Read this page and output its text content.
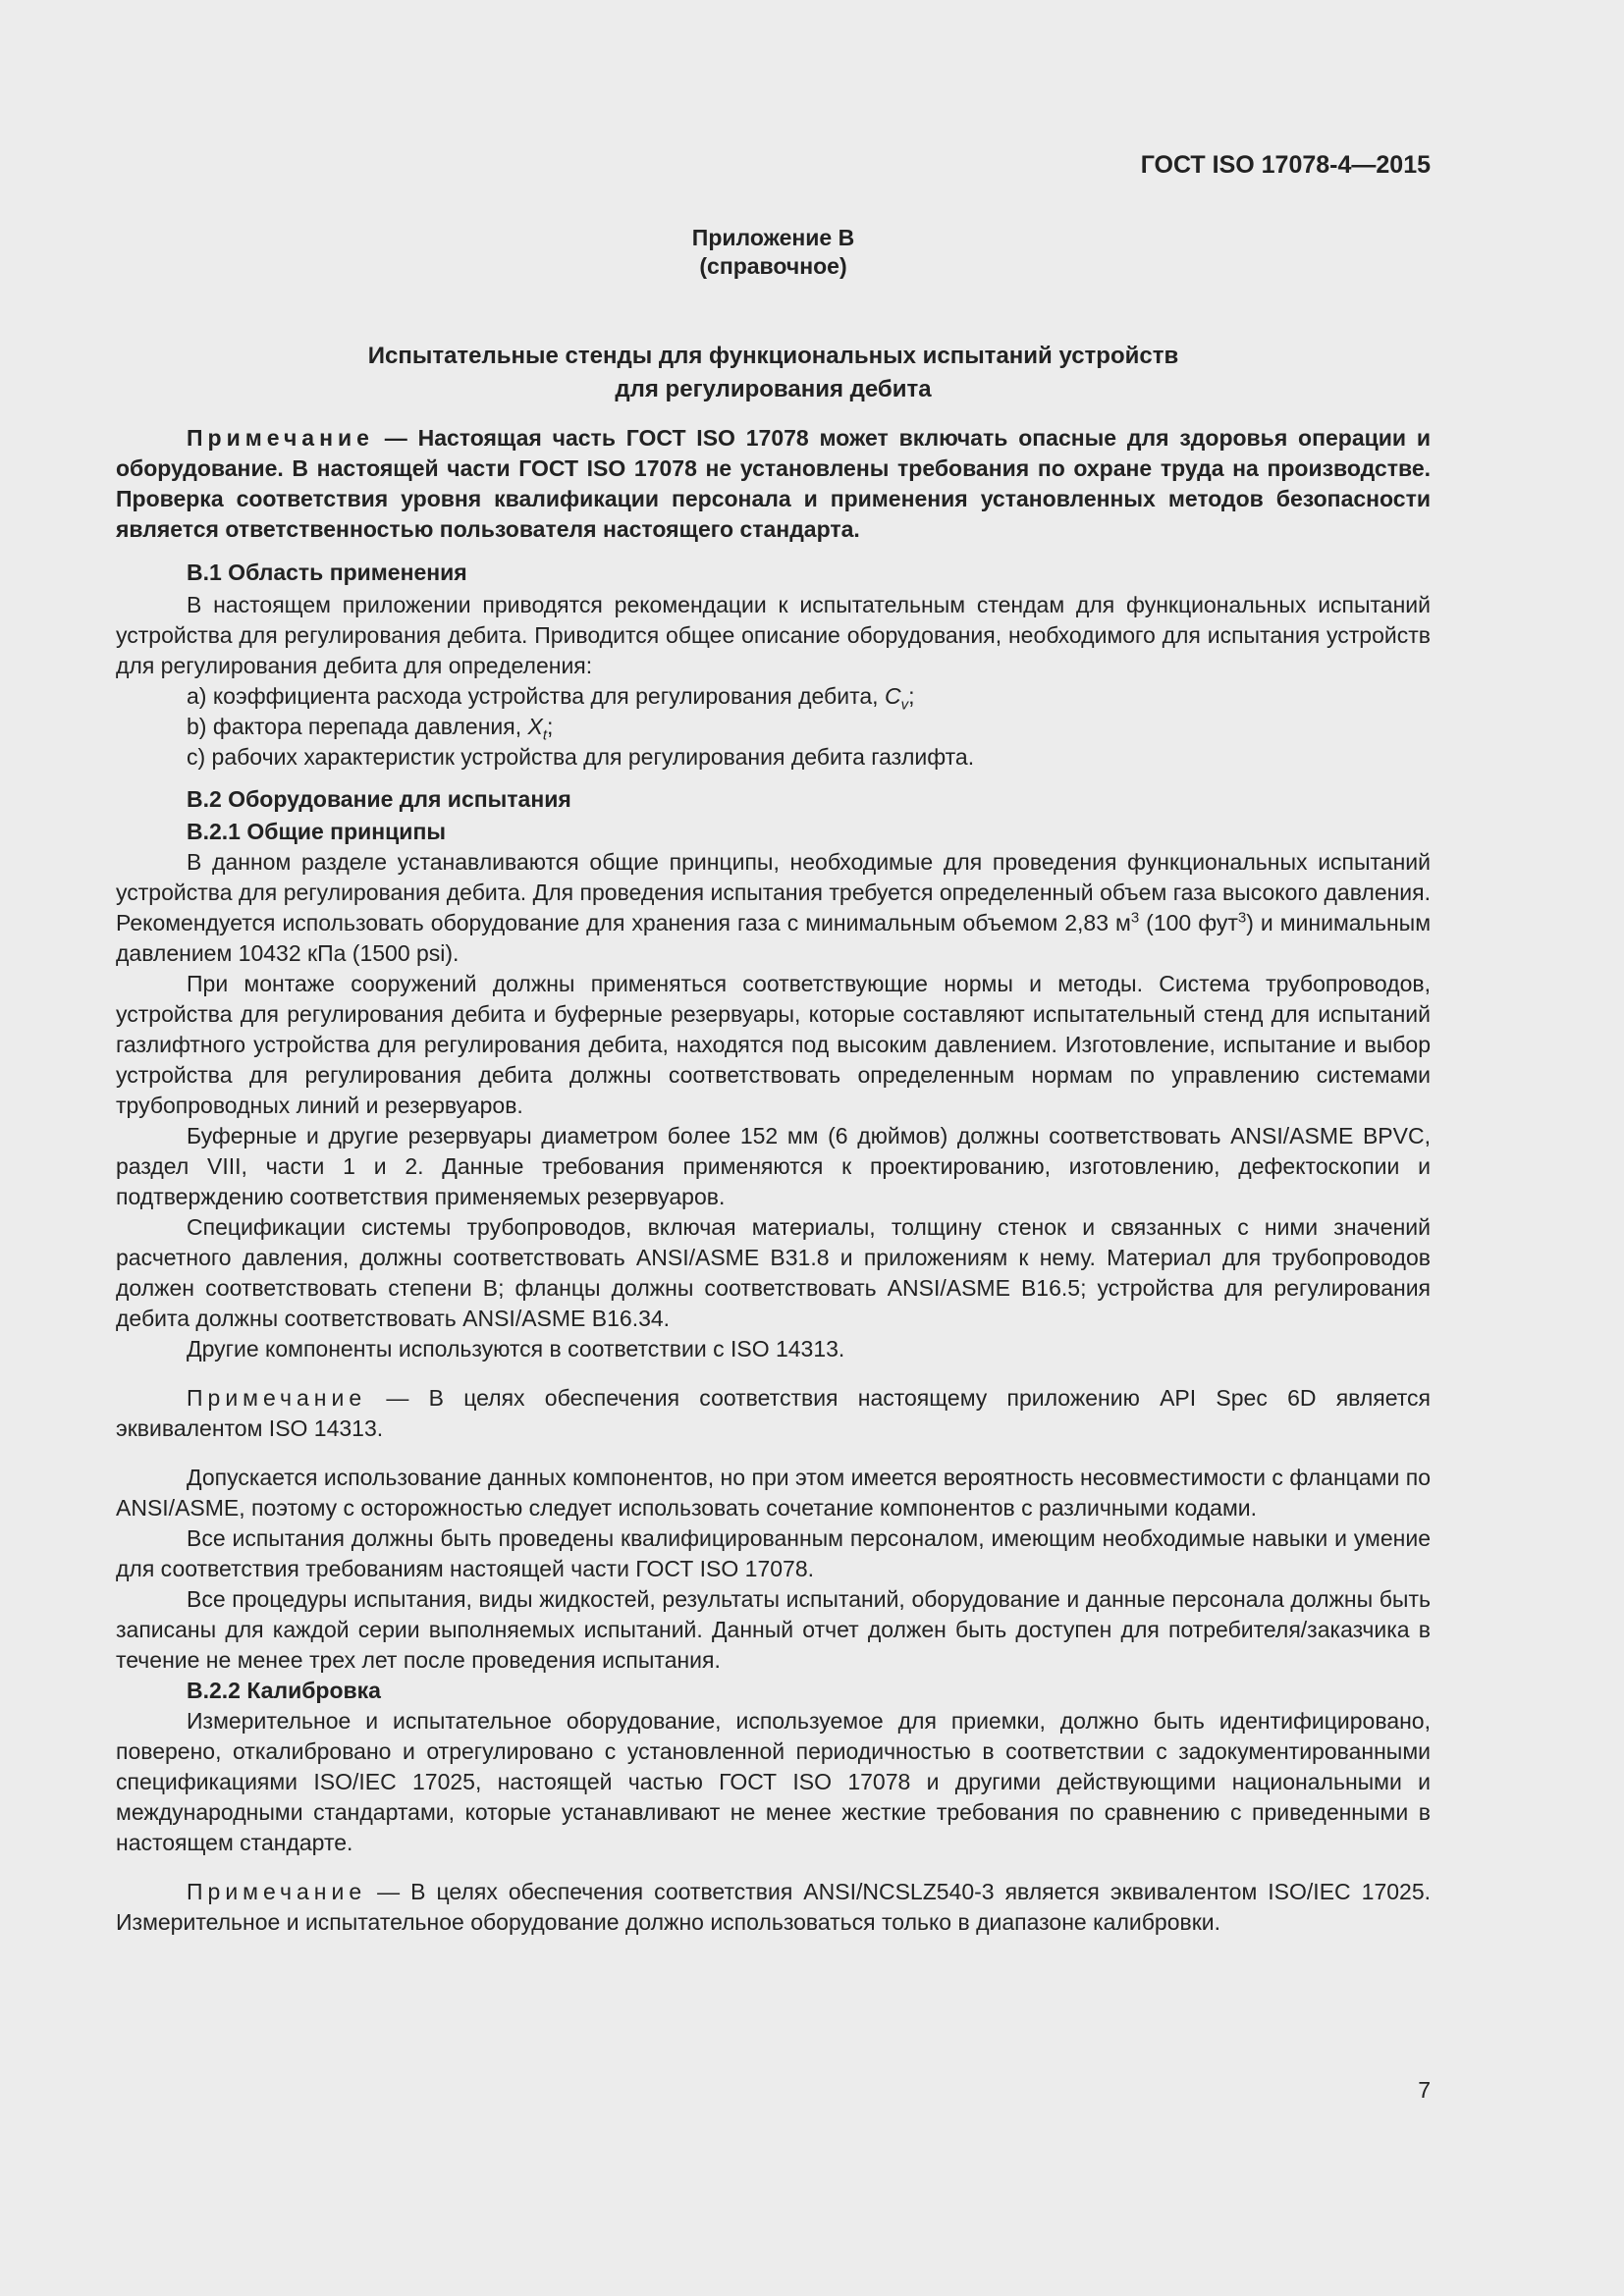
ГОСТ ISO 17078-4—2015
Приложение В
(справочное)
Испытательные стенды для функциональных испытаний устройств
для регулирования дебита

Примечание — Настоящая часть ГОСТ ISO 17078 может включать опасные для здоровья операции и оборудование. В настоящей части ГОСТ ISO 17078 не установлены требования по охране труда на производстве. Проверка соответствия уровня квалификации персонала и применения установленных методов безопасности является ответственностью пользователя настоящего стандарта.

В.1 Область применения

В настоящем приложении приводятся рекомендации к испытательным стендам для функциональных испытаний устройства для регулирования дебита. Приводится общее описание оборудования, необходимого для испытания устройств для регулирования дебита для определения:

а) коэффициента расхода устройства для регулирования дебита, $C_v$;
b) фактора перепада давления, $X_t$;
с) рабочих характеристик устройства для регулирования дебита газлифта.
В.2 Оборудование для испытания
В.2.1 Общие принципы

В данном разделе устанавливаются общие принципы, необходимые для проведения функциональных испытаний устройства для регулирования дебита. Для проведения испытания требуется определенный объем газа высокого давления. Рекомендуется использовать оборудование для хранения газа с минимальным объемом 2,83 $м^3$ (100 фут$^3$) и минимальным давлением 10432 кПа (1500 psi).

При монтаже сооружений должны применяться соответствующие нормы и методы. Система трубопроводов, устройства для регулирования дебита и буферные резервуары, которые составляют испытательный стенд для испытаний газлифтного устройства для регулирования дебита, находятся под высоким давлением. Изготовление, испытание и выбор устройства для регулирования дебита должны соответствовать определенным нормам по управлению системами трубопроводных линий и резервуаров.

Буферные и другие резервуары диаметром более 152 мм (6 дюймов) должны соответствовать ANSI/ASME BPVC, раздел VIII, части 1 и 2. Данные требования применяются к проектированию, изготовлению, дефектоскопии и подтверждению соответствия применяемых резервуаров.

Спецификации системы трубопроводов, включая материалы, толщину стенок и связанных с ними значений расчетного давления, должны соответствовать ANSI/ASME B31.8 и приложениям к нему. Материал для трубопроводов должен соответствовать степени В; фланцы должны соответствовать ANSI/ASME B16.5; устройства для регулирования дебита должны соответствовать ANSI/ASME B16.34.

Другие компоненты используются в соответствии с ISO 14313.

Примечание — В целях обеспечения соответствия настоящему приложению API Spec 6D является эквивалентом ISO 14313.

Допускается использование данных компонентов, но при этом имеется вероятность несовместимости с фланцами по ANSI/ASME, поэтому с осторожностью следует использовать сочетание компонентов с различными кодами.

Все испытания должны быть проведены квалифицированным персоналом, имеющим необходимые навыки и умение для соответствия требованиям настоящей части ГОСТ ISO 17078.

Все процедуры испытания, виды жидкостей, результаты испытаний, оборудование и данные персонала должны быть записаны для каждой серии выполняемых испытаний. Данный отчет должен быть доступен для потребителя/заказчика в течение не менее трех лет после проведения испытания.

В.2.2 Калибровка

Измерительное и испытательное оборудование, используемое для приемки, должно быть идентифицировано, поверено, откалибровано и отрегулировано с установленной периодичностью в соответствии с задокументированными спецификациями ISO/IEC 17025, настоящей частью ГОСТ ISO 17078 и другими действующими национальными и международными стандартами, которые устанавливают не менее жесткие требования по сравнению с приведенными в настоящем стандарте.

Примечание — В целях обеспечения соответствия ANSI/NCSLZ540-3 является эквивалентом ISO/IEC 17025. Измерительное и испытательное оборудование должно использоваться только в диапазоне калибровки.

7
